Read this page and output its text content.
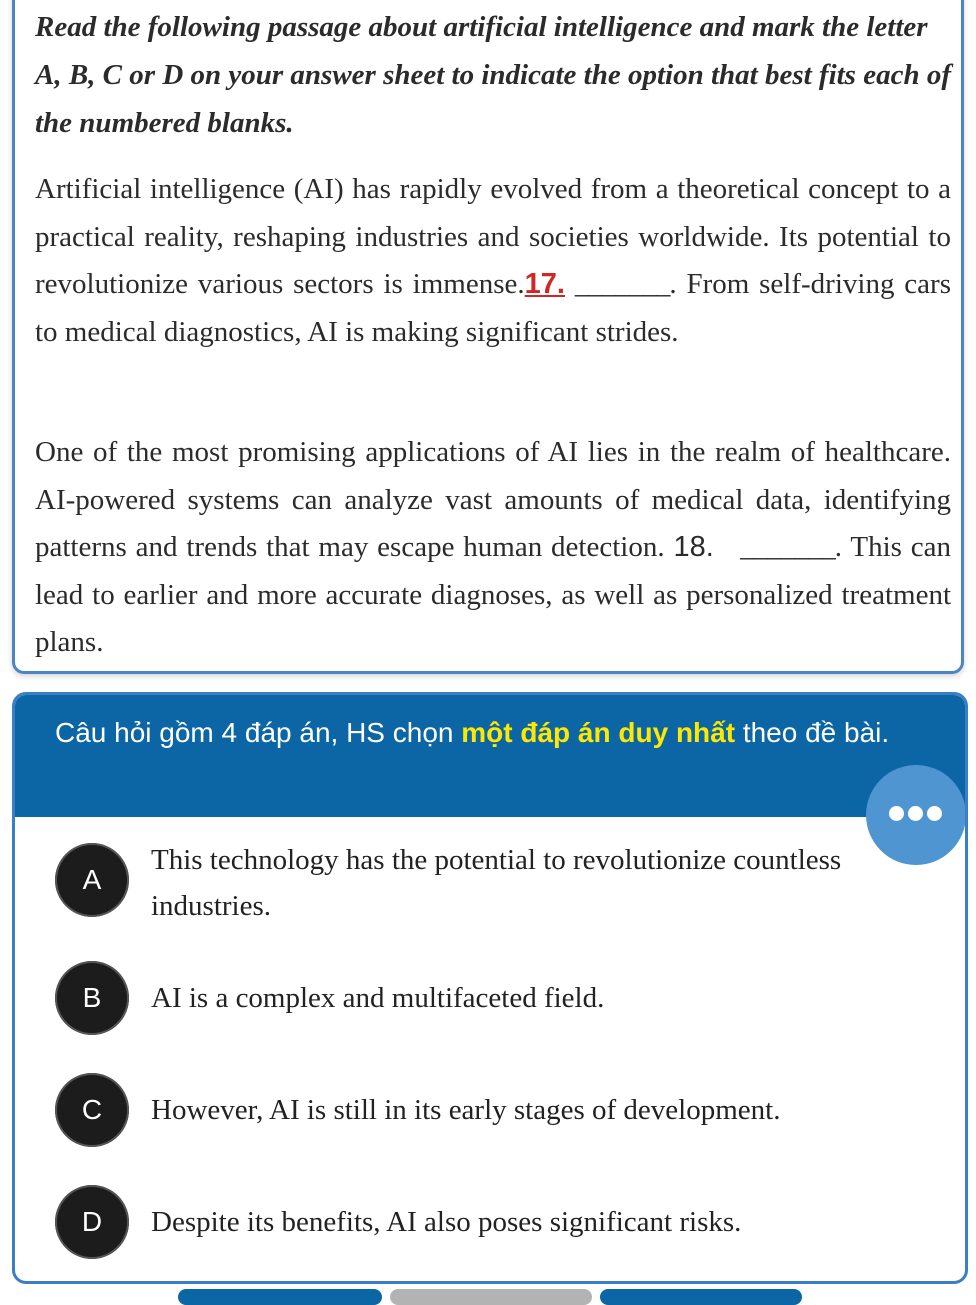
Read the following passage about artificial intelligence and mark the letter A, B, C or D on your answer sheet to indicate the option that best fits each of the numbered blanks.

Artificial intelligence (AI) has rapidly evolved from a theoretical concept to a practical reality, reshaping industries and societies worldwide. Its potential to revolutionize various sectors is immense.17. _______. From self-driving cars to medical diagnostics, AI is making significant strides.

One of the most promising applications of AI lies in the realm of healthcare. AI-powered systems can analyze vast amounts of medical data, identifying patterns and trends that may escape human detection. 18. _______. This can lead to earlier and more accurate diagnoses, as well as personalized treatment plans.

Câu hỏi gồm 4 đáp án, HS chọn một đáp án duy nhất theo đề bài.
A
This technology has the potential to revolutionize countless industries.
B	AI is a complex and multifaceted field.
C	However, AI is still in its early stages of development.
D	Despite its benefits, AI also poses significant risks.
